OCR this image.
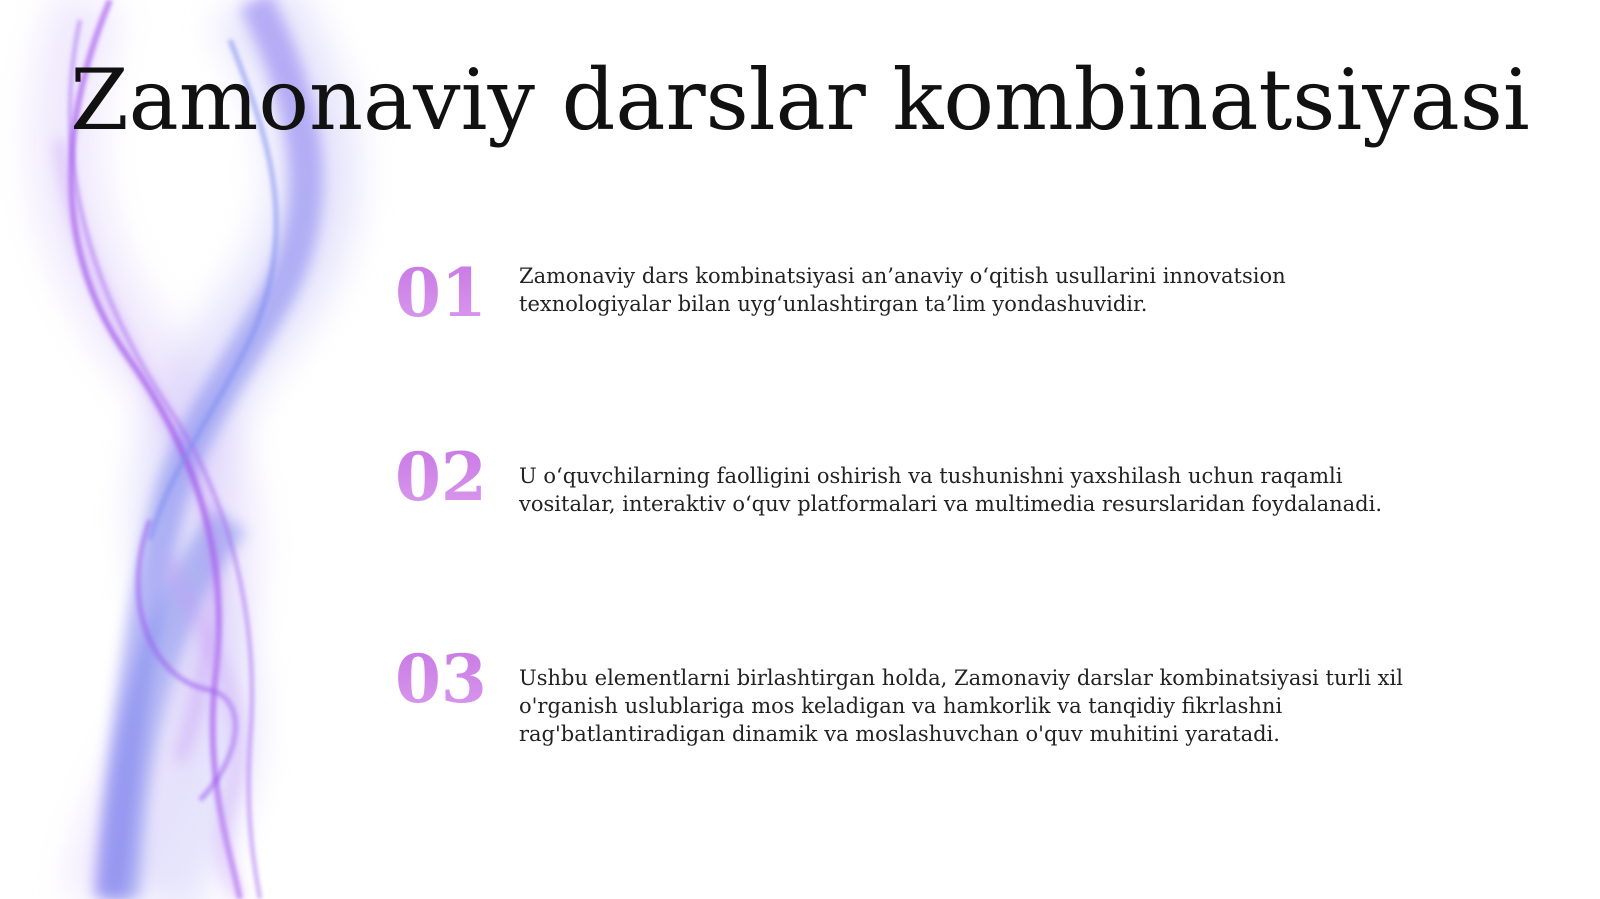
Zamonaviy darslar kombinatsiyasi
01	Zamonaviy dars kombinatsiyasi an’anaviy o‘qitish usullarini innovatsion
texnologiyalar bilan uyg‘unlashtirgan ta’lim yondashuvidir.
02	U o‘quvchilarning faolligini oshirish va tushunishni yaxshilash uchun raqamli
vositalar, interaktiv o‘quv platformalari va multimedia resurslaridan foydalanadi.
03	Ushbu elementlarni birlashtirgan holda, Zamonaviy darslar kombinatsiyasi turli xil
o'rganish uslublariga mos keladigan va hamkorlik va tanqidiy fikrlashni
rag'batlantiradigan dinamik va moslashuvchan o'quv muhitini yaratadi.
